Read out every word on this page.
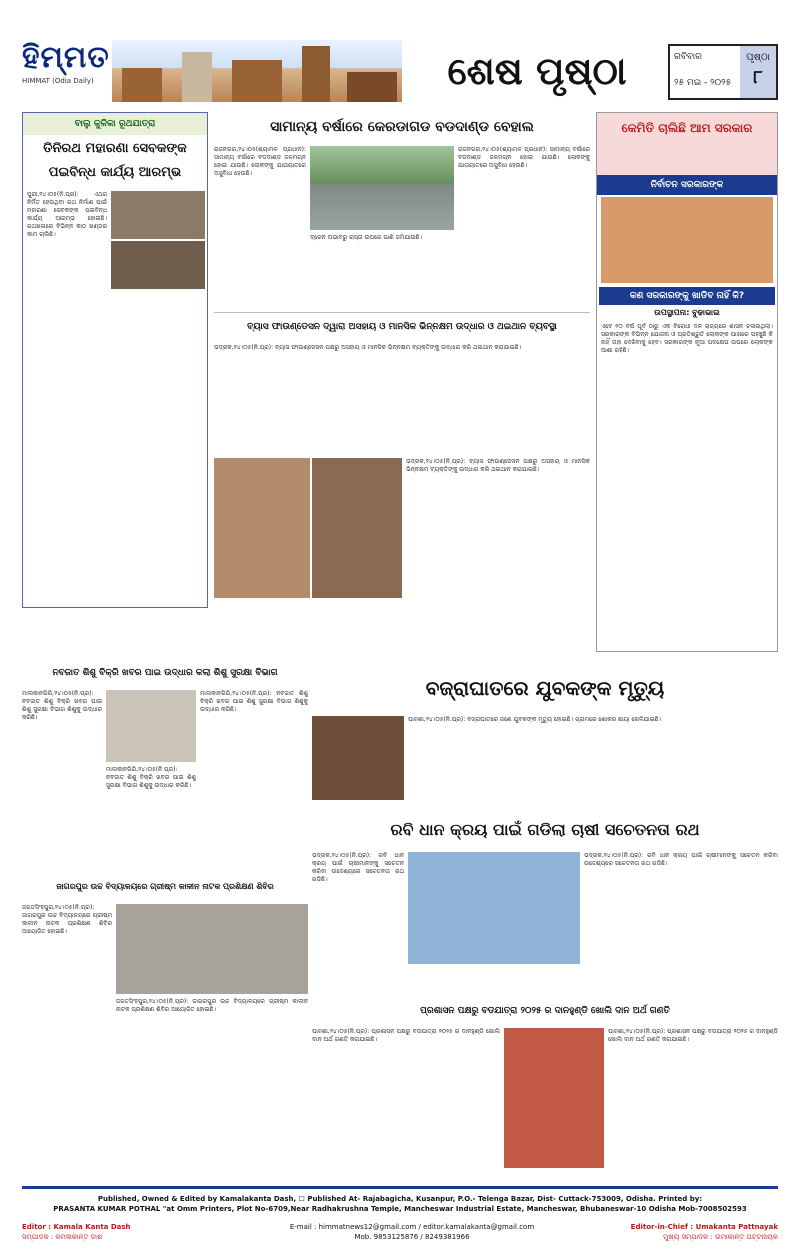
ହିମ୍ମତ
HIMMAT (Odia Daily)	ଶେଷ ପୃଷ୍ଠା	ରବିବାର
୨୫ ମଇ - ୨୦୨୫
ପୃଷ୍ଠା
୮
ବାଲୁ କୁଳିକା ରୂଥଯାତ୍ରା
ତିନିରଥ ମହାରଣା ସେବକଙ୍କ ପଇବିନ୍ଧ କାର୍ଯ୍ୟ ଆରମ୍ଭ
ପୁରୀ,୨୪।୦୫(ନି.ପ୍ର): ଏଥର ନିର୍ମିତ ହେଉଥିବା ରଥ ନିର୍ମାଣ ପାଇଁ ମହାରଣା ସେବକଙ୍କ ପଇବିନ୍ଧ କାର୍ଯ୍ୟ ଆରମ୍ଭ ହୋଇଛି। ରଥଖଳାରେ ବିଭିନ୍ନ କାଠ ଖଣ୍ଡର କାମ ଚାଲିଛି।
ସାମାନ୍ୟ ବର୍ଷାରେ କେରଡାଗଡ ବଡଦାଣ୍ଡ ବେହାଲ
ରାଜନଗର,୨୪।୦୫(ଶ୍ୟାମଳ ପ୍ରଧାନ): ସାମାନ୍ୟ ବର୍ଷାରେ ବଡଦାଣ୍ଡ ଜଳମଗ୍ନ ହୋଇ ଯାଉଛି। ଲୋକଙ୍କୁ ଯାତାୟାତରେ ଅସୁବିଧା ହେଉଛି।
ଦ୍ରେନ ଅଭାବରୁ ରାସ୍ତା ଉପରେ ପାଣି ଜମିଯାଉଛି।
ରାଜନଗର,୨୪।୦୫(ଶ୍ୟାମଳ ପ୍ରଧାନ): ସାମାନ୍ୟ ବର୍ଷାରେ ବଡଦାଣ୍ଡ ଜଳମଗ୍ନ ହୋଇ ଯାଉଛି। ଲୋକଙ୍କୁ ଯାତାୟାତରେ ଅସୁବିଧା ହେଉଛି।
ବ୍ୟାସ ଫାଉଣ୍ଡେସନ ଦ୍ୱାରା ଅସହାୟ ଓ ମାନସିକ ଭିନ୍ନକ୍ଷମ ଉଦ୍ଧାର ଓ ଥଇଥାନ ବ୍ୟବସ୍ଥା
ଭଦ୍ରକ,୨୪।୦୫(ନି.ପ୍ର): ବ୍ୟାସ ଫାଉଣ୍ଡେସନ ପକ୍ଷରୁ ଅସହାୟ ଓ ମାନସିକ ଭିନ୍ନକ୍ଷମ ବ୍ୟକ୍ତିଙ୍କୁ ଉଦ୍ଧାର କରି ଥଇଥାନ କରାଯାଇଛି।
ଭଦ୍ରକ,୨୪।୦୫(ନି.ପ୍ର): ବ୍ୟାସ ଫାଉଣ୍ଡେସନ ପକ୍ଷରୁ ଅସହାୟ ଓ ମାନସିକ ଭିନ୍ନକ୍ଷମ ବ୍ୟକ୍ତିଙ୍କୁ ଉଦ୍ଧାର କରି ଥଇଥାନ କରାଯାଇଛି।
କେମିତି ଚାଲିଛି ଆମ ସରକାର
ନିର୍ବାଚନ ସରକାରଙ୍କ
କଣ ସରକାରଙ୍କୁ ଖାଡିବ ନାହିଁ କି?
ଉପସ୍ଥାପନା: ବୁଢାଭାଇ
ଏବେ ୧୦ ବର୍ଷ ପୂର୍ବ ଠାରୁ ଏକ ବିରୋଧୀ ଦଳ ରାଜ୍ୟରେ ଶାସନ ଚଳାଉଥିଲା। ସରକାରଙ୍କ ବିଭିନ୍ନ ଯୋଜନା ଓ ପ୍ରତିଶ୍ରୁତି ଲୋକଙ୍କ ପାଖରେ ପହଞ୍ଚୁଛି କି ନାହିଁ ତାହା ଦେଖିବାକୁ ହେବ। ସରକାରଙ୍କ ନୂଆ ପଦକ୍ଷେପ ଉପରେ ଲୋକଙ୍କ ଆଶା ରହିଛି।
ନବଜାତ ଶିଶୁ ବିକ୍ରି ଖବର ପାଇ ଉଦ୍ଧାର କଲା ଶିଶୁ ସୁରକ୍ଷା ବିଭାଗ
ମାଲକାନଗିରି,୨୪।୦୫(ନି.ପ୍ର): ନବଜାତ ଶିଶୁ ବିକ୍ରି ଖବର ପାଇ ଶିଶୁ ସୁରକ୍ଷା ବିଭାଗ ଶିଶୁକୁ ଉଦ୍ଧାର କରିଛି।
ମାଲକାନଗିରି,୨୪।୦୫(ନି.ପ୍ର): ନବଜାତ ଶିଶୁ ବିକ୍ରି ଖବର ପାଇ ଶିଶୁ ସୁରକ୍ଷା ବିଭାଗ ଶିଶୁକୁ ଉଦ୍ଧାର କରିଛି।
ମାଲକାନଗିରି,୨୪।୦୫(ନି.ପ୍ର): ନବଜାତ ଶିଶୁ ବିକ୍ରି ଖବର ପାଇ ଶିଶୁ ସୁରକ୍ଷା ବିଭାଗ ଶିଶୁକୁ ଉଦ୍ଧାର କରିଛି।
ବଜ୍ରାଘାତରେ ଯୁବକଙ୍କ ମୃତ୍ୟୁ
ପାଟଣା,୨୪।୦୫(ନି.ପ୍ର): ବଜ୍ରାଘାତରେ ଜଣେ ଯୁବକଙ୍କ ମୃତ୍ୟୁ ହୋଇଛି। ଗ୍ରାମରେ ଶୋକର ଛାୟା ଖେଳିଯାଇଛି।
ରବି ଧାନ କ୍ରୟ ପାଇଁ ଗଡିଲା ଚାଷୀ ସଚେତନତା ରଥ
ଭଦ୍ରକ,୨୪।୦୫(ନି.ପ୍ର): ରବି ଧାନ କ୍ରୟ ପାଇଁ ଚାଷୀମାନଙ୍କୁ ସଚେତନ କରିବା ଉଦ୍ଦେଶ୍ୟରେ ସଚେତନତା ରଥ ଗଡିଛି।
ଭଦ୍ରକ,୨୪।୦୫(ନି.ପ୍ର): ରବି ଧାନ କ୍ରୟ ପାଇଁ ଚାଷୀମାନଙ୍କୁ ସଚେତନ କରିବା ଉଦ୍ଦେଶ୍ୟରେ ସଚେତନତା ରଥ ଗଡିଛି।
ଜାଗରପୁର ଉଚ୍ଚ ବିଦ୍ୟାଳୟରେ ଗ୍ରୀଷ୍ମ କାଳୀନ ନାଟକ ପ୍ରଶିକ୍ଷଣ ଶିବିର
ଜଗତସିଂହପୁର,୨୪।୦୫(ନି.ପ୍ର): ଜାଗରପୁର ଉଚ୍ଚ ବିଦ୍ୟାଳୟରେ ଗ୍ରୀଷ୍ମ କାଳୀନ ନାଟକ ପ୍ରଶିକ୍ଷଣ ଶିବିର ଆୟୋଜିତ ହୋଇଛି।
ଜଗତସିଂହପୁର,୨୪।୦୫(ନି.ପ୍ର): ଜାଗରପୁର ଉଚ୍ଚ ବିଦ୍ୟାଳୟରେ ଗ୍ରୀଷ୍ମ କାଳୀନ ନାଟକ ପ୍ରଶିକ୍ଷଣ ଶିବିର ଆୟୋଜିତ ହୋଇଛି।	ପ୍ରଶାସନ ପକ୍ଷରୁ ବଡଯାତ୍ରା ୨୦୨୫ ର ଦାନହୁଣ୍ଡି ଖୋଲି ଦାନ ଅର୍ଥ ଗଣତି
ପାଟଣା,୨୪।୦୫(ନି.ପ୍ର): ପ୍ରଶାସନ ପକ୍ଷରୁ ବଡଯାତ୍ରା ୨୦୨୫ ର ଦାନହୁଣ୍ଡି ଖୋଲି ଦାନ ଅର୍ଥ ଗଣତି କରାଯାଇଛି।
ପାଟଣା,୨୪।୦୫(ନି.ପ୍ର): ପ୍ରଶାସନ ପକ୍ଷରୁ ବଡଯାତ୍ରା ୨୦୨୫ ର ଦାନହୁଣ୍ଡି ଖୋଲି ଦାନ ଅର୍ଥ ଗଣତି କରାଯାଇଛି।
Published, Owned & Edited by Kamalakanta Dash, ☐ Published At- Rajabagicha, Kusanpur, P.O.- Telenga Bazar, Dist- Cuttack-753009, Odisha. Printed by:
PRASANTA KUMAR POTHAL "at Omm Printers, Plot No-6709,Near Radhakrushna Temple, Mancheswar Industrial Estate, Mancheswar, Bhubaneswar-10 Odisha Mob-7008502593
Editor : Kamala Kanta Dash
ସମ୍ପାଦକ : କମଳାକାନ୍ତ ଦାଶ
E-mail : himmatnews12@gmail.com / editor.kamalakanta@gmail.com
Mob. 9853125876 / 8249381966
Editor-in-Chief : Umakanta Pattnayak
ମୁଖ୍ୟ ସମ୍ପାଦକ : ଉମାକାନ୍ତ ପଟ୍ଟନାୟକ
